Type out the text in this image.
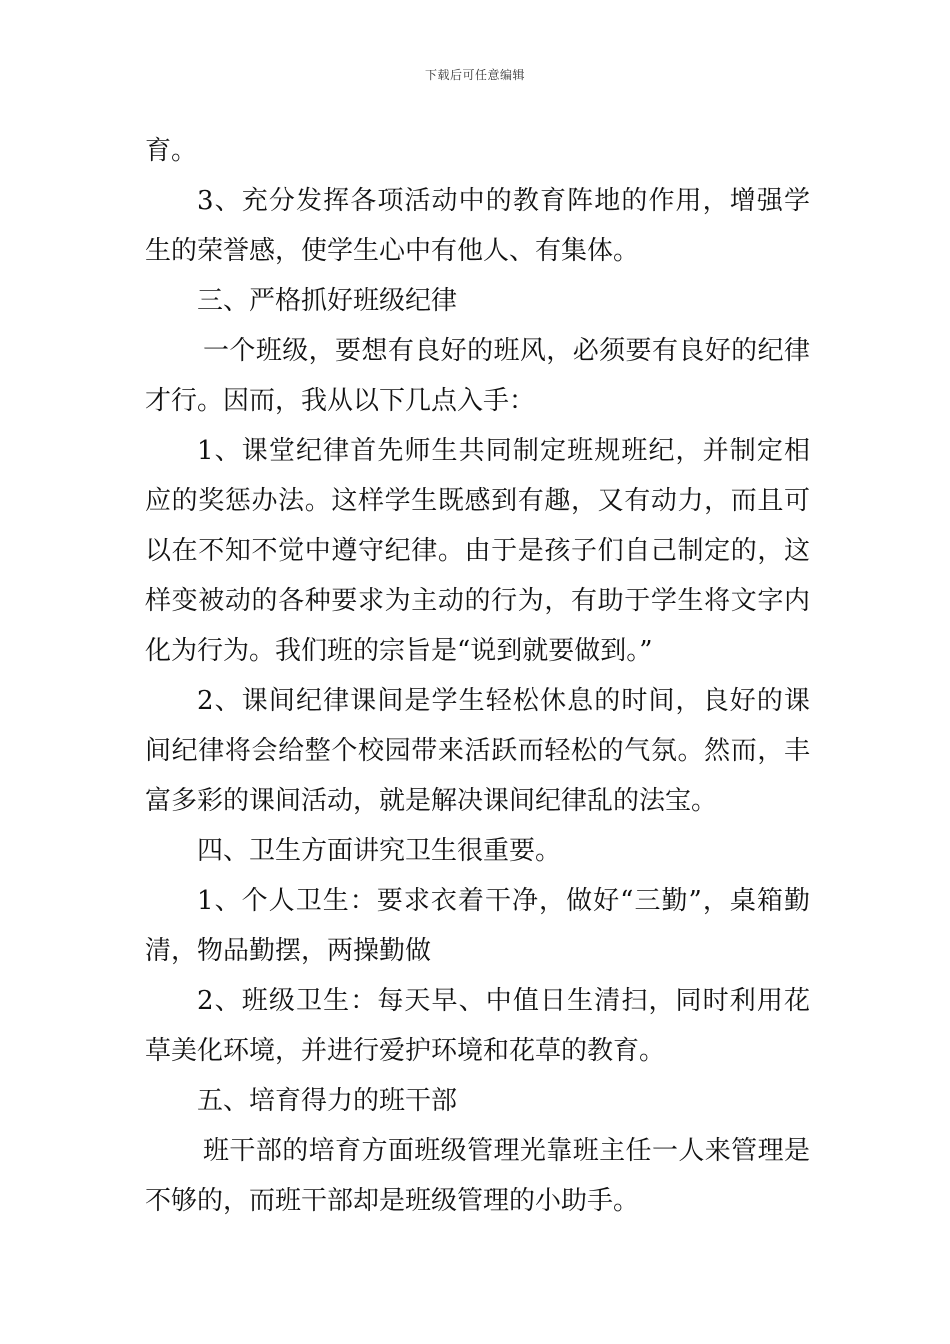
下载后可任意编辑

育。

3、充分发挥各项活动中的教育阵地的作用，增强学生的荣誉感，使学生心中有他人、有集体。

三、严格抓好班级纪律

一个班级，要想有良好的班风，必须要有良好的纪律才行。因而，我从以下几点入手：

1、课堂纪律首先师生共同制定班规班纪，并制定相应的奖惩办法。这样学生既感到有趣，又有动力，而且可以在不知不觉中遵守纪律。由于是孩子们自己制定的，这样变被动的各种要求为主动的行为，有助于学生将文字内化为行为。我们班的宗旨是“说到就要做到。”

2、课间纪律课间是学生轻松休息的时间，良好的课间纪律将会给整个校园带来活跃而轻松的气氛。然而，丰富多彩的课间活动，就是解决课间纪律乱的法宝。

四、卫生方面讲究卫生很重要。

1、个人卫生：要求衣着干净，做好“三勤”，桌箱勤清，物品勤摆，两操勤做

2、班级卫生：每天早、中值日生清扫，同时利用花草美化环境，并进行爱护环境和花草的教育。

五、培育得力的班干部

班干部的培育方面班级管理光靠班主任一人来管理是不够的，而班干部却是班级管理的小助手。
